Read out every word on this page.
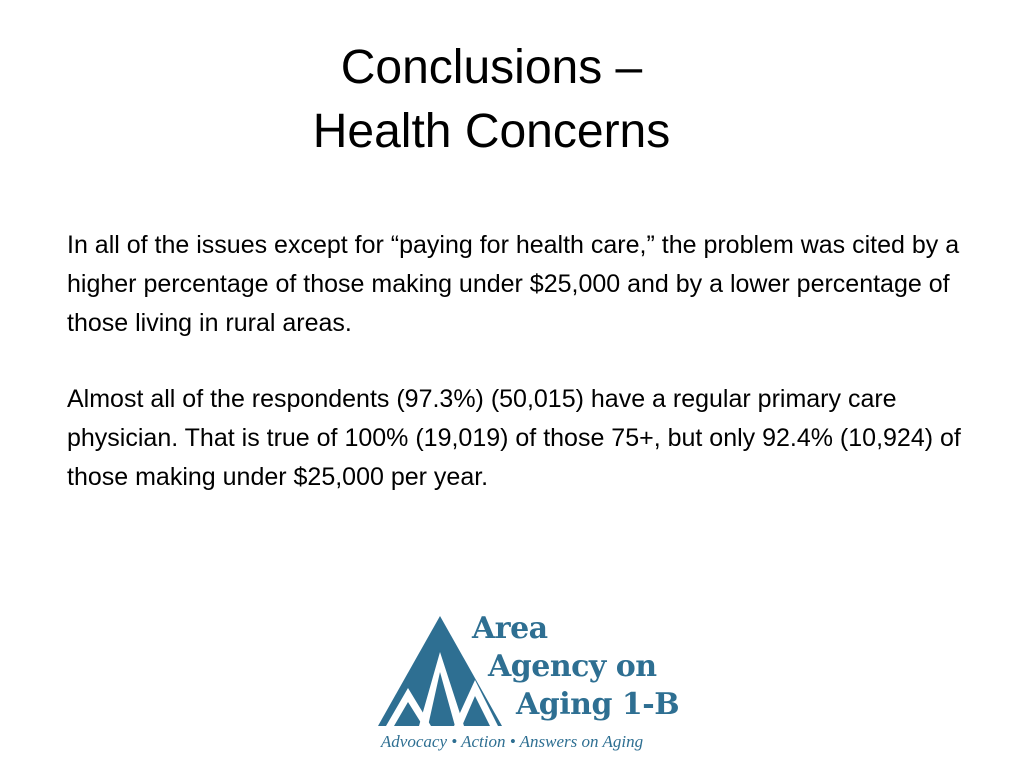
Conclusions –
Health Concerns

In all of the issues except for “paying for health care,” the problem was cited by a higher percentage of those making under $25,000 and by a lower percentage of those living in rural areas.

Almost all of the respondents (97.3%) (50,015) have a regular primary care physician. That is true of 100% (19,019) of those 75+, but only 92.4% (10,924) of those making under $25,000 per year.

Area
Agency on
Aging 1-B
Advocacy • Action • Answers on Aging
